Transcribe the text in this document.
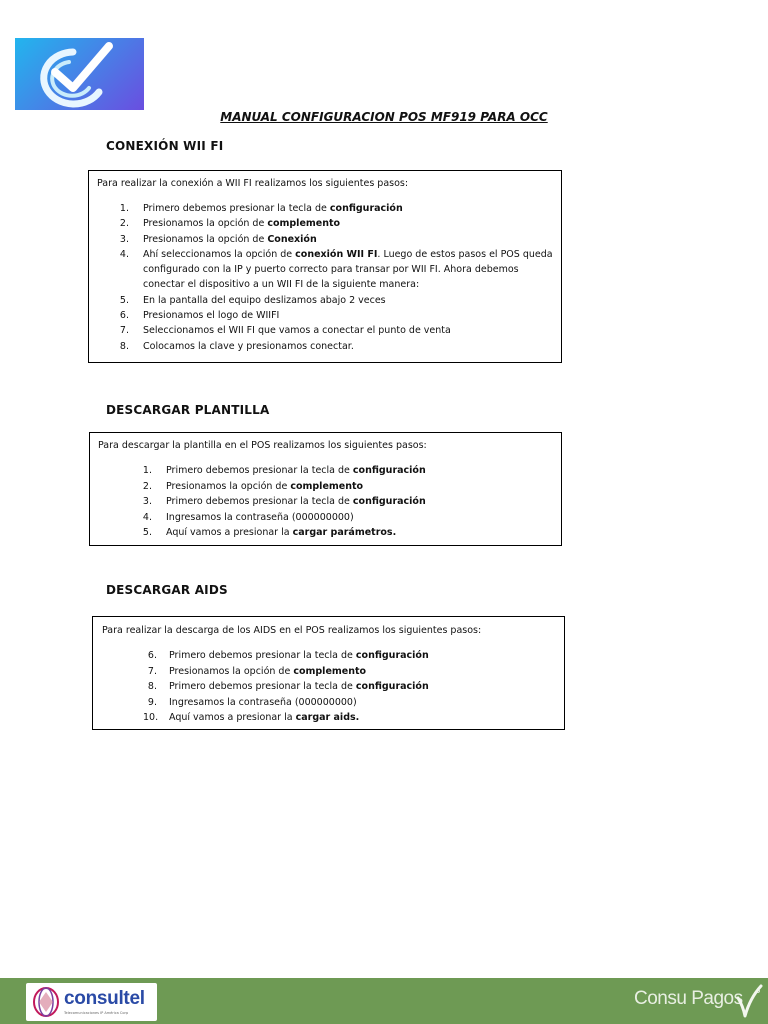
MANUAL CONFIGURACION POS MF919 PARA OCC
CONEXIÓN WII FI
Para realizar la conexión a WII FI realizamos los siguientes pasos:
1. Primero debemos presionar la tecla de configuración
2. Presionamos la opción de complemento
3. Presionamos la opción de Conexión
4. Ahí seleccionamos la opción de conexión WII FI. Luego de estos pasos el POS queda configurado con la IP y puerto correcto para transar por WII FI. Ahora debemos conectar el dispositivo a un WII FI de la siguiente manera:
5. En la pantalla del equipo deslizamos abajo 2 veces
6. Presionamos el logo de WIIFI
7. Seleccionamos el WII FI que vamos a conectar el punto de venta
8. Colocamos la clave y presionamos conectar.
DESCARGAR PLANTILLA
Para descargar la plantilla en el POS realizamos los siguientes pasos:
1. Primero debemos presionar la tecla de configuración
2. Presionamos la opción de complemento
3. Primero debemos presionar la tecla de configuración
4. Ingresamos la contraseña (000000000)
5. Aquí vamos a presionar la cargar parámetros.
DESCARGAR AIDS
Para realizar la descarga de los AIDS en el POS realizamos los siguientes pasos:
6. Primero debemos presionar la tecla de configuración
7. Presionamos la opción de complemento
8. Primero debemos presionar la tecla de configuración
9. Ingresamos la contraseña (000000000)
10. Aquí vamos a presionar la cargar aids.
consultel
Telecomunicaciones IP América Corp
Consu Pagos
